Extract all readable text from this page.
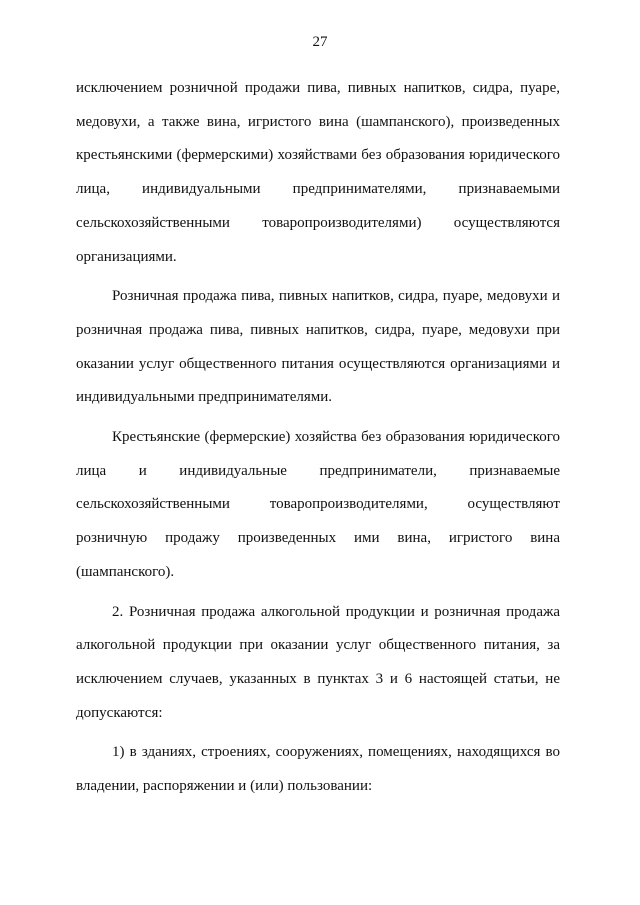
27

исключением розничной продажи пива, пивных напитков, сидра, пуаре,
медовухи, а также вина, игристого вина (шампанского), произведенных
крестьянскими (фермерскими) хозяйствами без образования юридического
лица, индивидуальными предпринимателями, признаваемыми
сельскохозяйственными товаропроизводителями) осуществляются
организациями.

Розничная продажа пива, пивных напитков, сидра, пуаре, медовухи и
розничная продажа пива, пивных напитков, сидра, пуаре, медовухи при
оказании услуг общественного питания осуществляются организациями и
индивидуальными предпринимателями.

Крестьянские (фермерские) хозяйства без образования юридического
лица и индивидуальные предприниматели, признаваемые
сельскохозяйственными товаропроизводителями, осуществляют
розничную продажу произведенных ими вина, игристого вина
(шампанского).

2. Розничная продажа алкогольной продукции и розничная продажа
алкогольной продукции при оказании услуг общественного питания, за
исключением случаев, указанных в пунктах 3 и 6 настоящей статьи, не
допускаются:

1) в зданиях, строениях, сооружениях, помещениях, находящихся во
владении, распоряжении и (или) пользовании:
